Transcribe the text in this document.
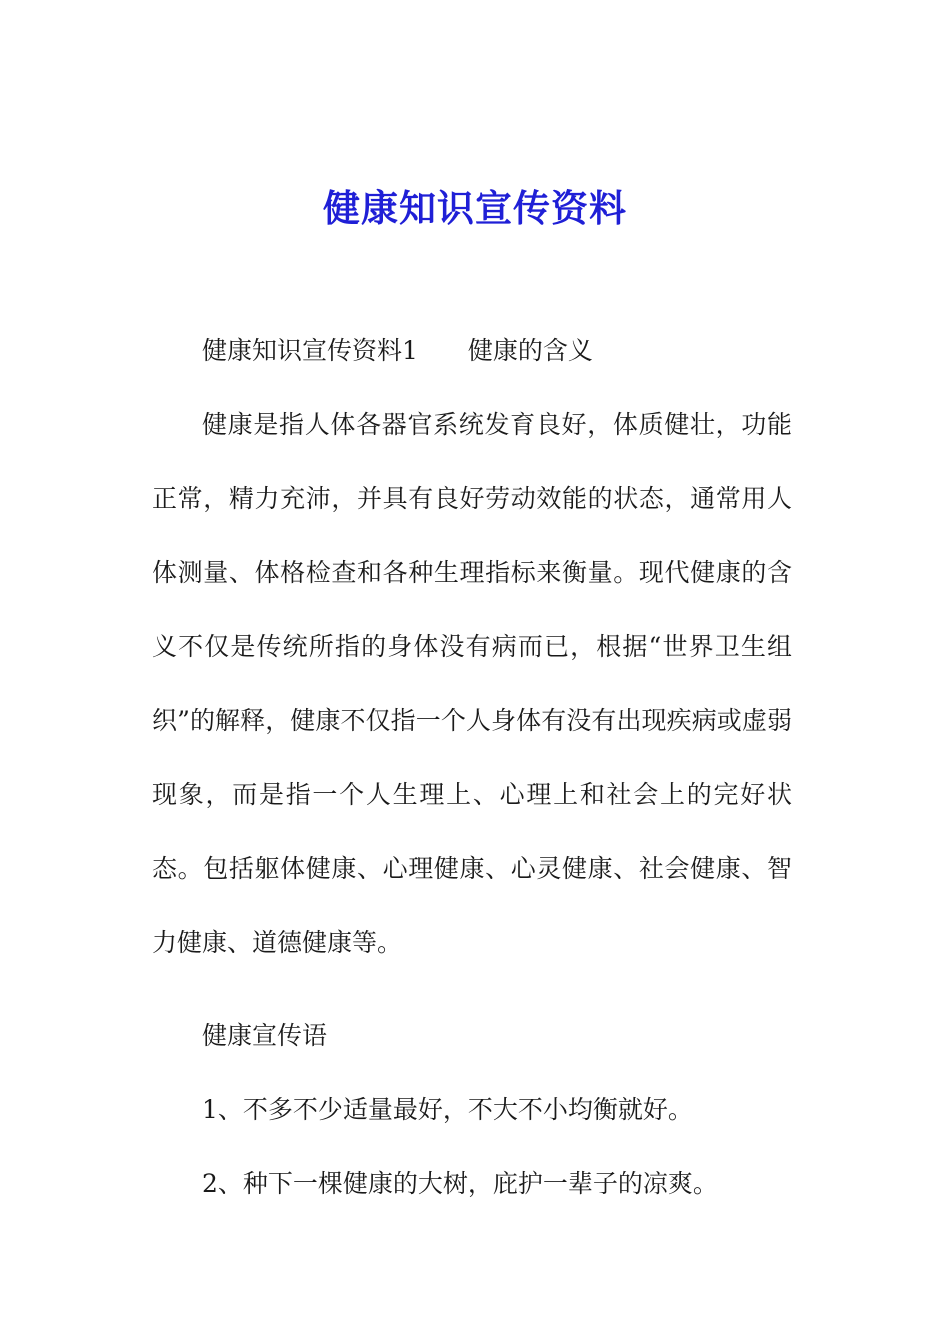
健康知识宣传资料

健康知识宣传资料1 健康的含义

健康是指人体各器官系统发育良好，体质健壮，功能正常，精力充沛，并具有良好劳动效能的状态，通常用人体测量、体格检查和各种生理指标来衡量。现代健康的含义不仅是传统所指的身体没有病而已，根据“世界卫生组织”的解释，健康不仅指一个人身体有没有出现疾病或虚弱现象，而是指一个人生理上、心理上和社会上的完好状态。包括躯体健康、心理健康、心灵健康、社会健康、智力健康、道德健康等。

健康宣传语

1、不多不少适量最好，不大不小均衡就好。

2、种下一棵健康的大树，庇护一辈子的凉爽。
